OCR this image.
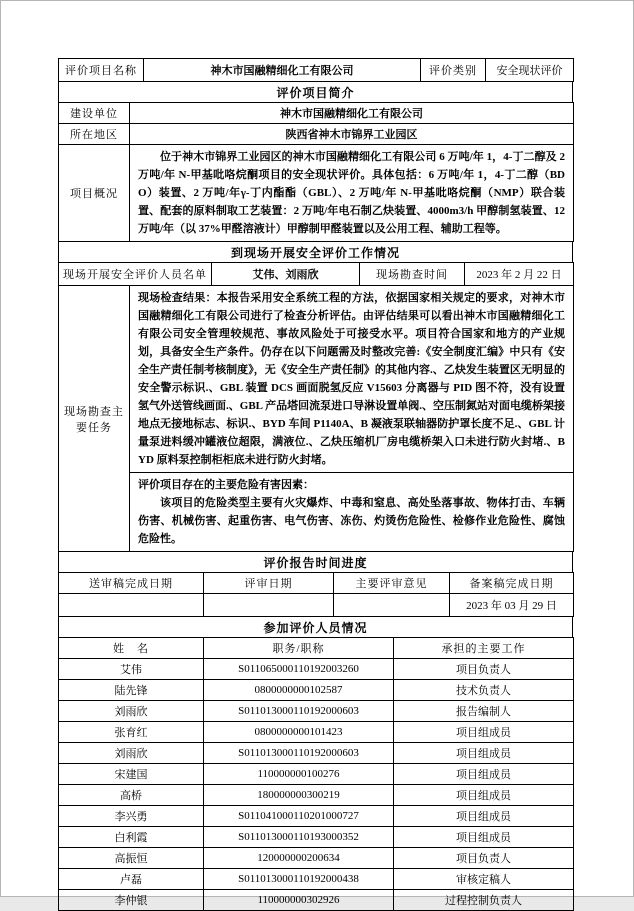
评价项目名称	神木市国融精细化工有限公司	评价类别	安全现状评价
评价项目简介
建设单位	神木市国融精细化工有限公司
所在地区	陕西省神木市锦界工业园区
项目概况	位于神木市锦界工业园区的神木市国融精细化工有限公司 6 万吨/年 1，4-丁二醇及 2 万吨/年 N-甲基吡咯烷酮项目的安全现状评价。具体包括：6 万吨/年 1，4-丁二醇（BDO）装置、2 万吨/年γ-丁内酯酯（GBL）、2 万吨/年 N-甲基吡咯烷酮（NMP）联合装置、配套的原料制取工艺装置：2 万吨/年电石制乙炔装置、4000m3/h 甲醇制氢装置、12 万吨/年（以 37%甲醛溶液计）甲醇制甲醛装置以及公用工程、辅助工程等。
到现场开展安全评价工作情况
现场开展安全评价人员名单	艾伟、刘雨欣	现场勘查时间	2023 年 2 月 22 日
现场勘查主要任务	
现场检查结果：本报告采用安全系统工程的方法，依据国家相关规定的要求，对神木市国融精细化工有限公司进行了检查分析评估。由评估结果可以看出神木市国融精细化工有限公司安全管理较规范、事故风险处于可接受水平。项目符合国家和地方的产业规划，具备安全生产条件。仍存在以下问题需及时整改完善:《安全制度汇编》中只有《安全生产责任制考核制度》，无《安全生产责任制》的其他内容.、乙炔发生装置区无明显的安全警示标识.、GBL 装置 DCS 画面脱氢反应 V15603 分离器与 PID 图不符，没有设置氢气外送管线画面.、GBL 产品塔回流泵进口导淋设置单阀.、空压制氮站对面电缆桥架接地点无接地标志、标识.、BYD 车间 P1140A、B 凝液泵联轴器防护罩长度不足.、GBL 计量泵进料缓冲罐液位超限，满液位.、乙炔压缩机厂房电缆桥架入口未进行防火封堵.、BYD 原料泵控制柜柜底未进行防火封堵。

评价项目存在的主要危险有害因素：
该项目的危险类型主要有火灾爆炸、中毒和窒息、高处坠落事故、物体打击、车辆伤害、机械伤害、起重伤害、电气伤害、冻伤、灼烫伤危险性、检修作业危险性、腐蚀危险性。
评价报告时间进度
送审稿完成日期	评审日期	主要评审意见	备案稿完成日期
			2023 年 03 月 29 日
参加评价人员情况
姓　名	职务/职称	承担的主要工作
艾伟	S011065000110192003260	项目负责人
陆先锋	0800000000102587	技术负责人
刘雨欣	S011013000110192000603	报告编制人
张育红	0800000000101423	项目组成员
刘雨欣	S011013000110192000603	项目组成员
宋建国	110000000100276	项目组成员
高桥	180000000300219	项目组成员
李兴勇	S011041000110201000727	项目组成员
白利霞	S011013000110193000352	项目组成员
高振恒	120000000200634	项目负责人
卢磊	S011013000110192000438	审核定稿人
李仲银	110000000302926	过程控制负责人
